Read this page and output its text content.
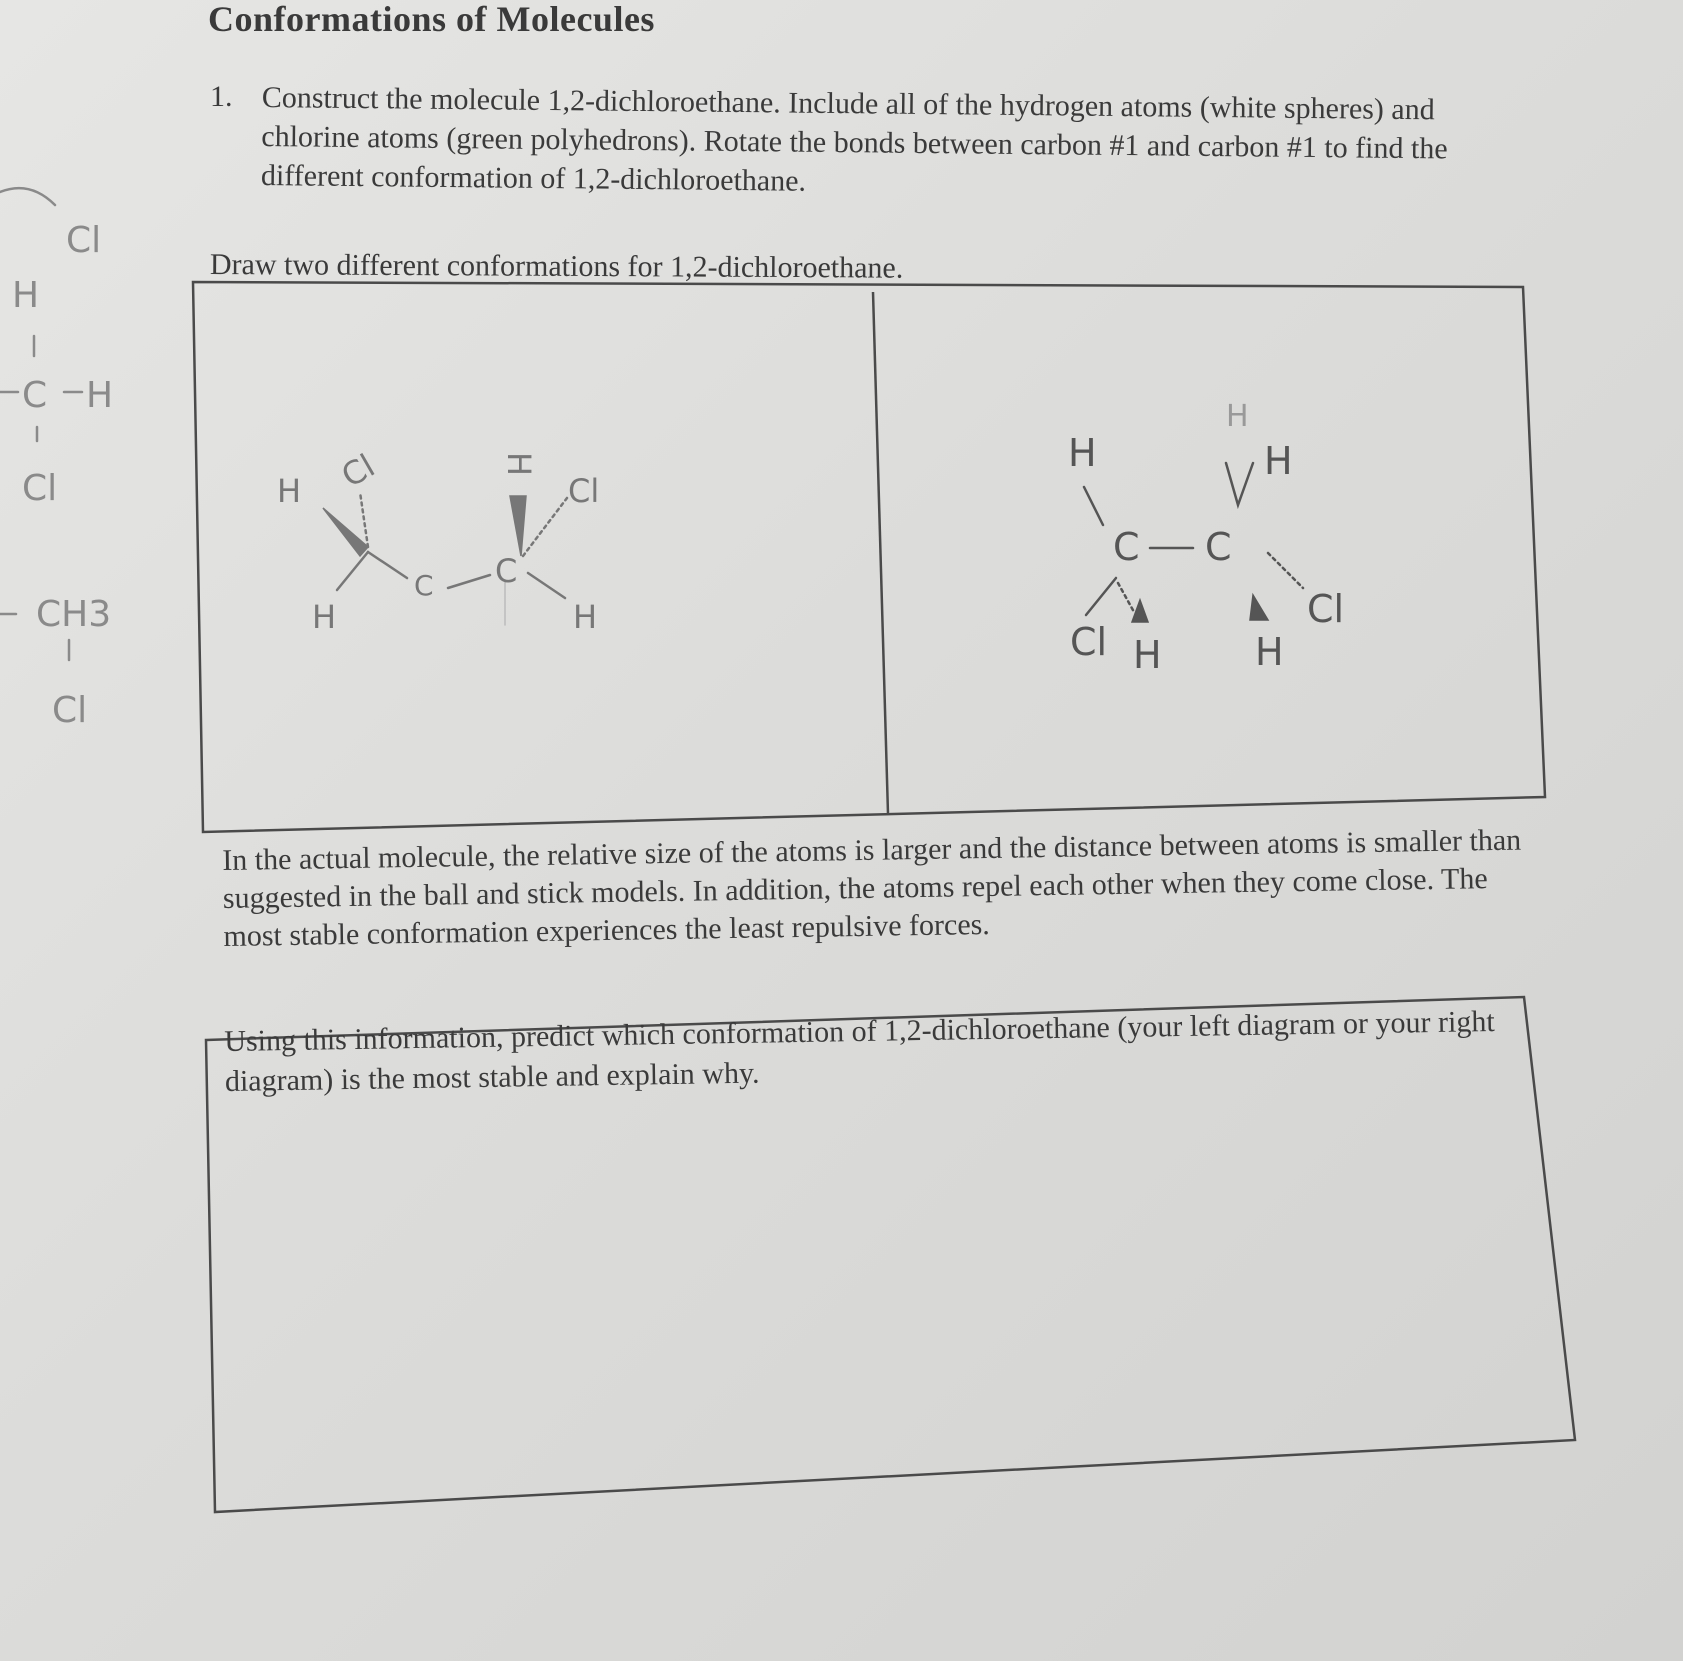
Conformations of Molecules
1. Construct the molecule 1,2-dichloroethane. Include all of the hydrogen atoms (white spheres) and chlorine atoms (green polyhedrons). Rotate the bonds between carbon #1 and carbon #1 to find the different conformation of 1,2-dichloroethane.
Draw two different conformations for 1,2-dichloroethane.
H Cl
H
C C
H
Cl
H
H
H
H
C C
Cl H
Cl
H
Cl
H
C H
Cl
CH3
Cl
In the actual molecule, the relative size of the atoms is larger and the distance between atoms is smaller than suggested in the ball and stick models. In addition, the atoms repel each other when they come close. The most stable conformation experiences the least repulsive forces.
Using this information, predict which conformation of 1,2-dichloroethane (your left diagram or your right diagram) is the most stable and explain why.
